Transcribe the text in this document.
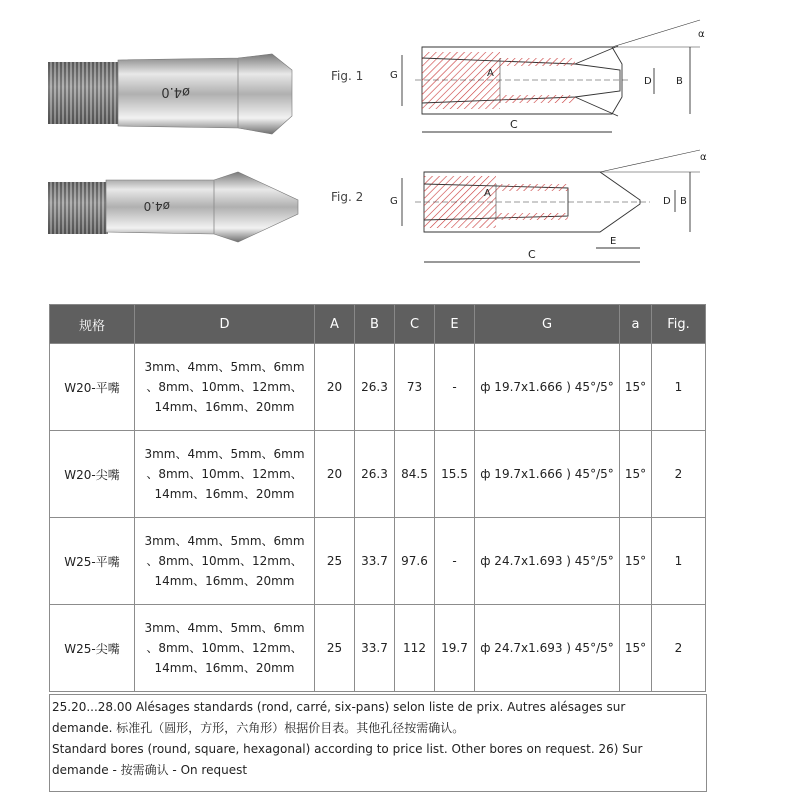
ø4.0
ø4.0
Fig. 1	G	A
D B
C
α
Fig. 2	G
A
D B
E
C
α
规格	D	A	B	C	E	G	a	Fig.
W20-平嘴	3mm、4mm、5mm、6mm
、8mm、10mm、12mm、
14mm、16mm、20mm	20	26.3	73	-	ф 19.7x1.666 ) 45°/5°	15°	1
W20-尖嘴	3mm、4mm、5mm、6mm
、8mm、10mm、12mm、
14mm、16mm、20mm	20	26.3	84.5	15.5	ф 19.7x1.666 ) 45°/5°	15°	2
W25-平嘴	3mm、4mm、5mm、6mm
、8mm、10mm、12mm、
14mm、16mm、20mm	25	33.7	97.6	-	ф 24.7x1.693 ) 45°/5°	15°	1
W25-尖嘴	3mm、4mm、5mm、6mm
、8mm、10mm、12mm、
14mm、16mm、20mm	25	33.7	112	19.7	ф 24.7x1.693 ) 45°/5°	15°	2
25.20...28.00 Alésages standards (rond, carré, six-pans) selon liste de prix. Autres alésages sur
demande. 标准孔（圆形，方形，六角形）根据价目表。其他孔径按需确认。
Standard bores (round, square, hexagonal) according to price list. Other bores on request. 26) Sur
demande - 按需确认 - On request
